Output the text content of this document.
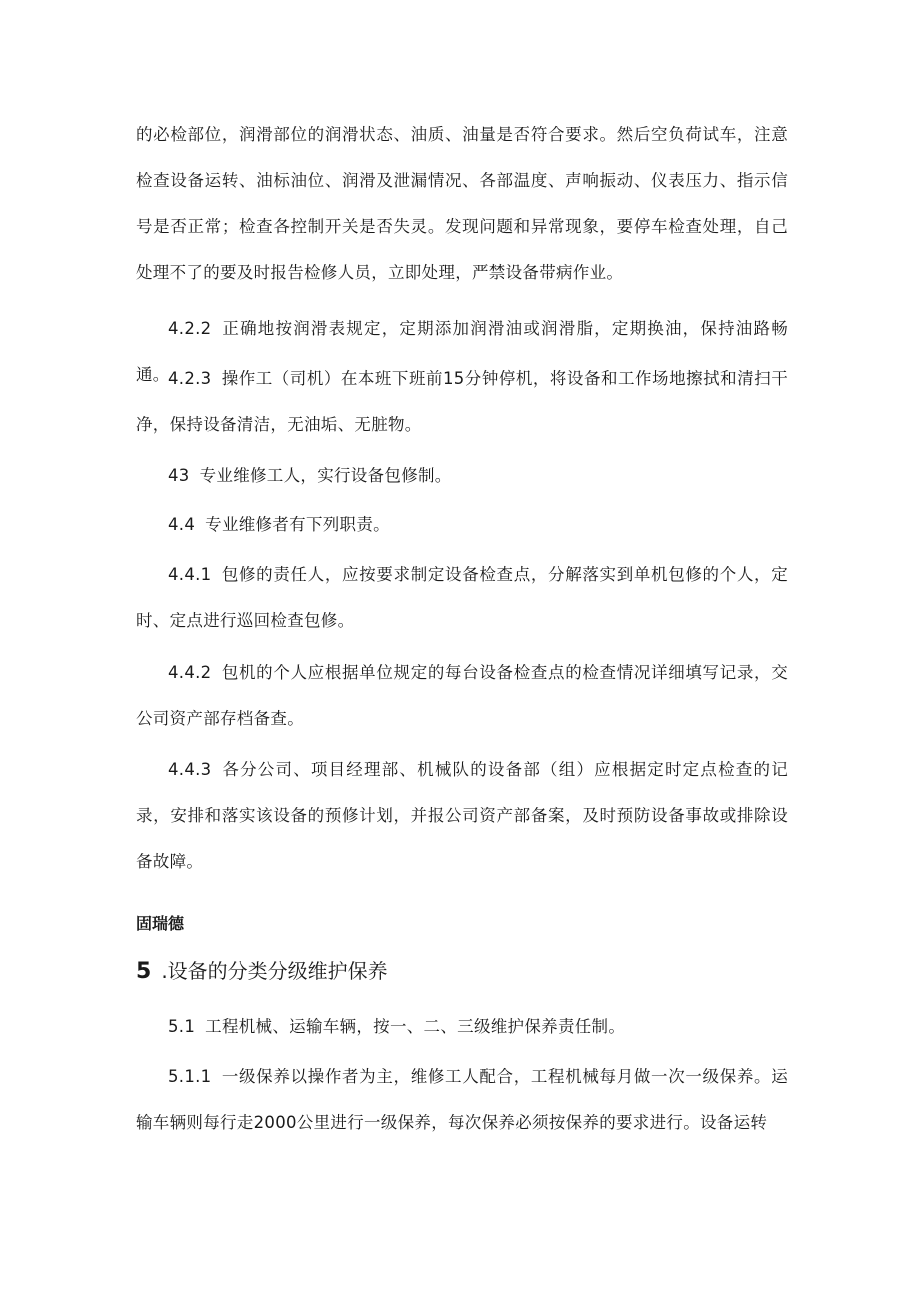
的必检部位，润滑部位的润滑状态、油质、油量是否符合要求。然后空负荷试车，注意检查设备运转、油标油位、润滑及泄漏情况、各部温度、声响振动、仪表压力、指示信号是否正常；检查各控制开关是否失灵。发现问题和异常现象，要停车检查处理，自己处理不了的要及时报告检修人员，立即处理，严禁设备带病作业。

4.2.2 正确地按润滑表规定，定期添加润滑油或润滑脂，定期换油，保持油路畅通。

4.2.3 操作工（司机）在本班下班前15分钟停机，将设备和工作场地擦拭和清扫干净，保持设备清洁，无油垢、无脏物。

43 专业维修工人，实行设备包修制。

4.4 专业维修者有下列职责。

4.4.1 包修的责任人，应按要求制定设备检查点，分解落实到单机包修的个人，定时、定点进行巡回检查包修。

4.4.2 包机的个人应根据单位规定的每台设备检查点的检查情况详细填写记录，交公司资产部存档备查。

4.4.3 各分公司、项目经理部、机械队的设备部（组）应根据定时定点检查的记录，安排和落实该设备的预修计划，并报公司资产部备案，及时预防设备事故或排除设备故障。

固瑞德

5 .设备的分类分级维护保养

5.1 工程机械、运输车辆，按一、二、三级维护保养责任制。

5.1.1 一级保养以操作者为主，维修工人配合，工程机械每月做一次一级保养。运输车辆则每行走2000公里进行一级保养，每次保养必须按保养的要求进行。设备运转
